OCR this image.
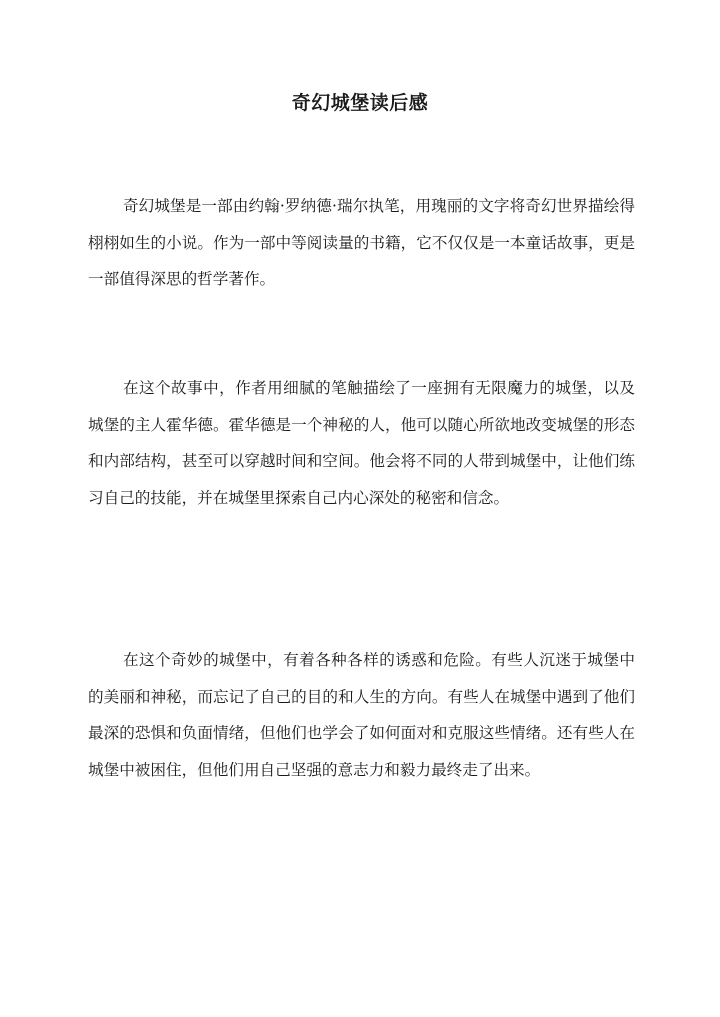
奇幻城堡读后感

奇幻城堡是一部由约翰·罗纳德·瑞尔执笔，用瑰丽的文字将奇幻世界描绘得栩栩如生的小说。作为一部中等阅读量的书籍，它不仅仅是一本童话故事，更是一部值得深思的哲学著作。

在这个故事中，作者用细腻的笔触描绘了一座拥有无限魔力的城堡，以及城堡的主人霍华德。霍华德是一个神秘的人，他可以随心所欲地改变城堡的形态和内部结构，甚至可以穿越时间和空间。他会将不同的人带到城堡中，让他们练习自己的技能，并在城堡里探索自己内心深处的秘密和信念。

在这个奇妙的城堡中，有着各种各样的诱惑和危险。有些人沉迷于城堡中的美丽和神秘，而忘记了自己的目的和人生的方向。有些人在城堡中遇到了他们最深的恐惧和负面情绪，但他们也学会了如何面对和克服这些情绪。还有些人在城堡中被困住，但他们用自己坚强的意志力和毅力最终走了出来。
